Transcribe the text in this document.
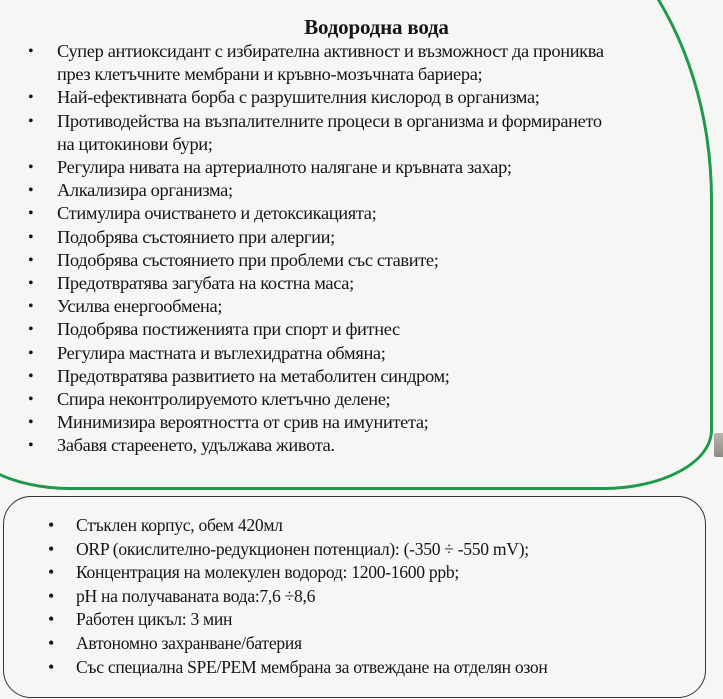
Водородна вода
• Супер антиоксидант с избирателна активност и възможност да прониква
през клетъчните мембрани и кръвно-мозъчната бариера;
• Най-ефективната борба с разрушителния кислород в организма;
• Противодейства на възпалителните процеси в организма и формирането
на цитокинови бури;
• Регулира нивата на артериалното налягане и кръвната захар;
• Алкализира организма;
• Стимулира очистването и детоксикацията;
• Подобрява състоянието при алергии;
• Подобрява състоянието при проблеми със ставите;
• Предотвратява загубата на костна маса;
• Усилва енергообмена;
• Подобрява постиженията при спорт и фитнес
• Регулира мастната и въглехидратна обмяна;
• Предотвратява развитието на метаболитен синдром;
• Спира неконтролируемото клетъчно делене;
• Минимизира вероятността от срив на имунитета;
• Забавя стареенето, удължава живота.
• Стъклен корпус, обем 420мл
• ORP (окислително-редукционен потенциал): (-350 ÷ -550 mV);
• Концентрация на молекулен водород: 1200-1600 ppb;
• pH на получаваната вода:7,6 ÷8,6
• Работен цикъл: 3 мин
• Автономно захранване/батерия
• Със специална SPE/PEM мембрана за отвеждане на отделян озон
